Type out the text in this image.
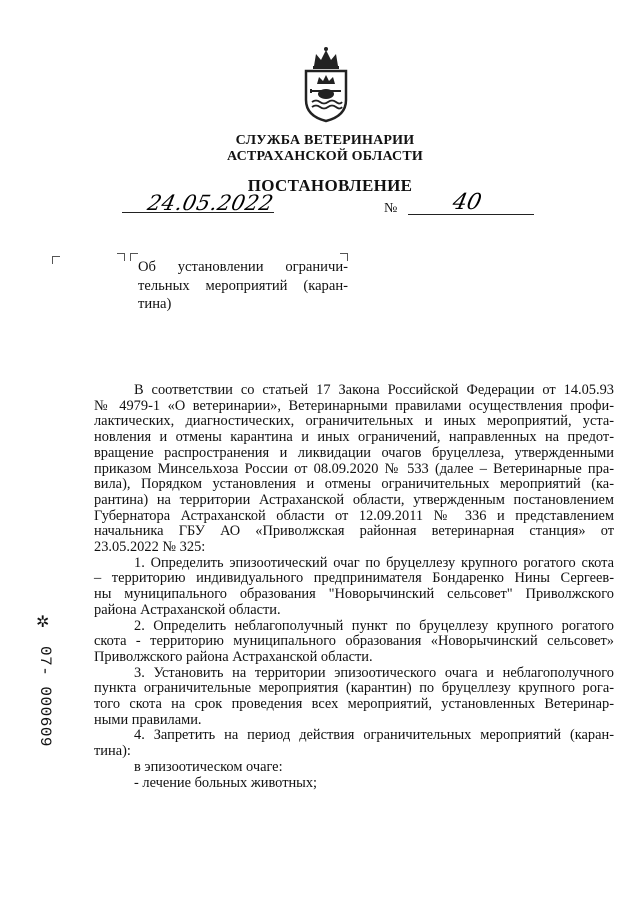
СЛУЖБА ВЕТЕРИНАРИИ
АСТРАХАНСКОЙ ОБЛАСТИ
ПОСТАНОВЛЕНИЕ
24.05.2022	№ 40
Об установлении ограничи-
тельных мероприятий (каран-
тина)
В соответствии со статьей 17 Закона Российской Федерации от 14.05.93
№ 4979-1 «О ветеринарии», Ветеринарными правилами осуществления профи-
лактических, диагностических, ограничительных и иных мероприятий, уста-
новления и отмены карантина и иных ограничений, направленных на предот-
вращение распространения и ликвидации очагов бруцеллеза, утвержденными
приказом Минсельхоза России от 08.09.2020 № 533 (далее – Ветеринарные пра-
вила), Порядком установления и отмены ограничительных мероприятий (ка-
рантина) на территории Астраханской области, утвержденным постановлением
Губернатора Астраханской области от 12.09.2011 № 336 и представлением
начальника ГБУ АО «Приволжская районная ветеринарная станция» от
23.05.2022 № 325:
1. Определить эпизоотический очаг по бруцеллезу крупного рогатого скота
– территорию индивидуального предпринимателя Бондаренко Нины Сергеев-
ны муниципального образования "Новорычинский сельсовет" Приволжского
района Астраханской области.
2. Определить неблагополучный пункт по бруцеллезу крупного рогатого
скота - территорию муниципального образования «Новорычинский сельсовет»
Приволжского района Астраханской области.
3. Установить на территории эпизоотического очага и неблагополучного
пункта ограничительные мероприятия (карантин) по бруцеллезу крупного рога-
того скота на срок проведения всех мероприятий, установленных Ветеринар-
ными правилами.
4. Запретить на период действия ограничительных мероприятий (каран-
тина):
в эпизоотическом очаге:
- лечение больных животных;
✲
07- 000609
